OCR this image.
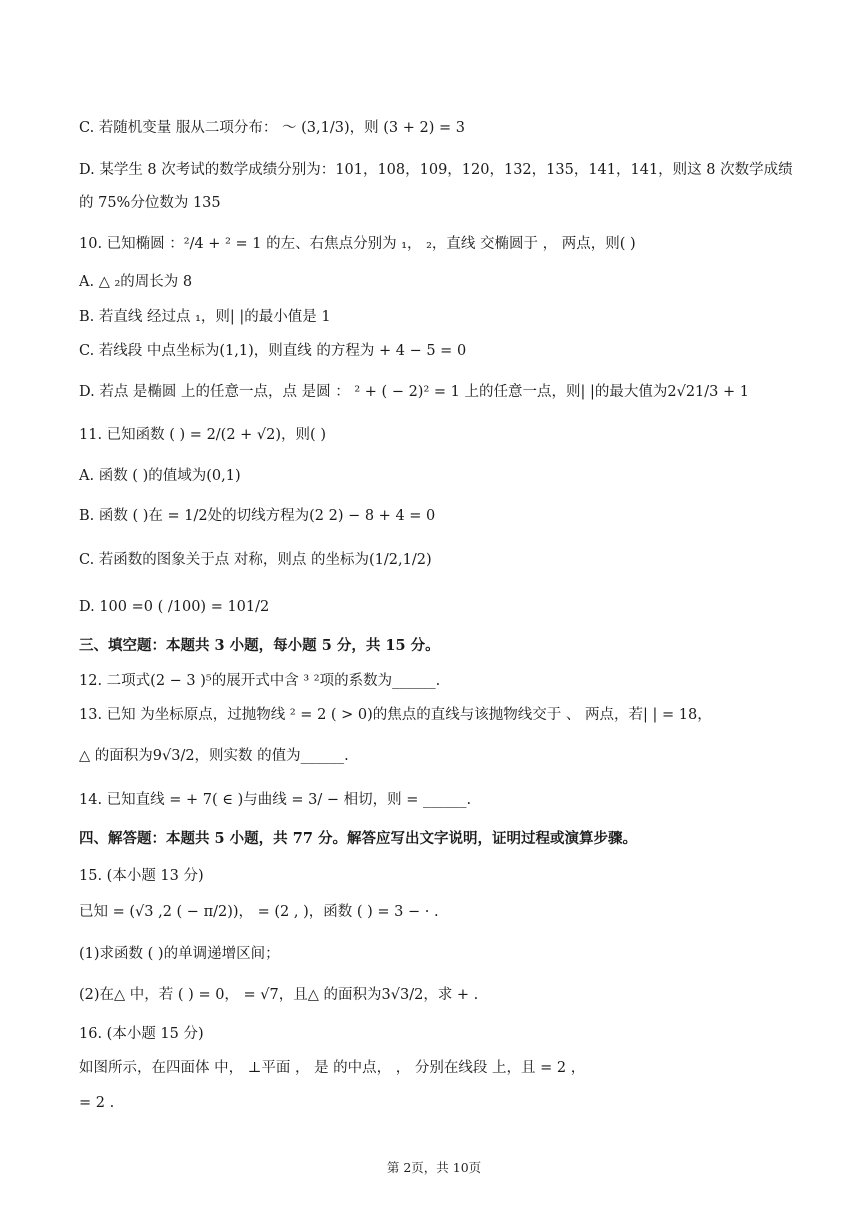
C. 若随机变量 服从二项分布： ～ (3,1/3)，则 (3 + 2) = 3
D. 某学生 8 次考试的数学成绩分别为：101，108，109，120，132，135，141，141，则这 8 次数学成绩
的 75%分位数为 135
10. 已知椭圆 ：²/4 + ² = 1 的左、右焦点分别为 ₁， ₂，直线 交椭圆于 ， 两点，则( )
A. △ ₂的周长为 8
B. 若直线 经过点 ₁，则| |的最小值是 1
C. 若线段 中点坐标为(1,1)，则直线 的方程为 + 4 − 5 = 0
D. 若点 是椭圆 上的任意一点，点 是圆 ： ² + ( − 2)² = 1 上的任意一点，则| |的最大值为2√21/3 + 1
11. 已知函数 ( ) = 2/(2 + √2)，则( )
A. 函数 ( )的值域为(0,1)
B. 函数 ( )在 = 1/2处的切线方程为(2 2) − 8 + 4 = 0
C. 若函数的图象关于点 对称，则点 的坐标为(1/2,1/2)
D. 100 =0 ( /100) = 101/2
三、填空题：本题共 3 小题，每小题 5 分，共 15 分。
12. 二项式(2 − 3 )⁵的展开式中含 ³ ²项的系数为______.
13. 已知 为坐标原点，过抛物线 ² = 2 ( > 0)的焦点的直线与该抛物线交于 、 两点，若| | = 18，
△ 的面积为9√3/2，则实数 的值为______.
14. 已知直线 = + 7( ∈ )与曲线 = 3/ − 相切，则 = ______.
四、解答题：本题共 5 小题，共 77 分。解答应写出文字说明，证明过程或演算步骤。
15. (本小题 13 分)
已知 = (√3 ,2 ( − π/2))， = (2 , )，函数 ( ) = 3 − · .
(1)求函数 ( )的单调递增区间；
(2)在△ 中，若 ( ) = 0， = √7，且△ 的面积为3√3/2，求 + .
16. (本小题 15 分)
如图所示，在四面体 中， ⊥平面 ， 是 的中点， ， 分别在线段 上，且 = 2 ，
= 2 .
第 2页，共 10页
